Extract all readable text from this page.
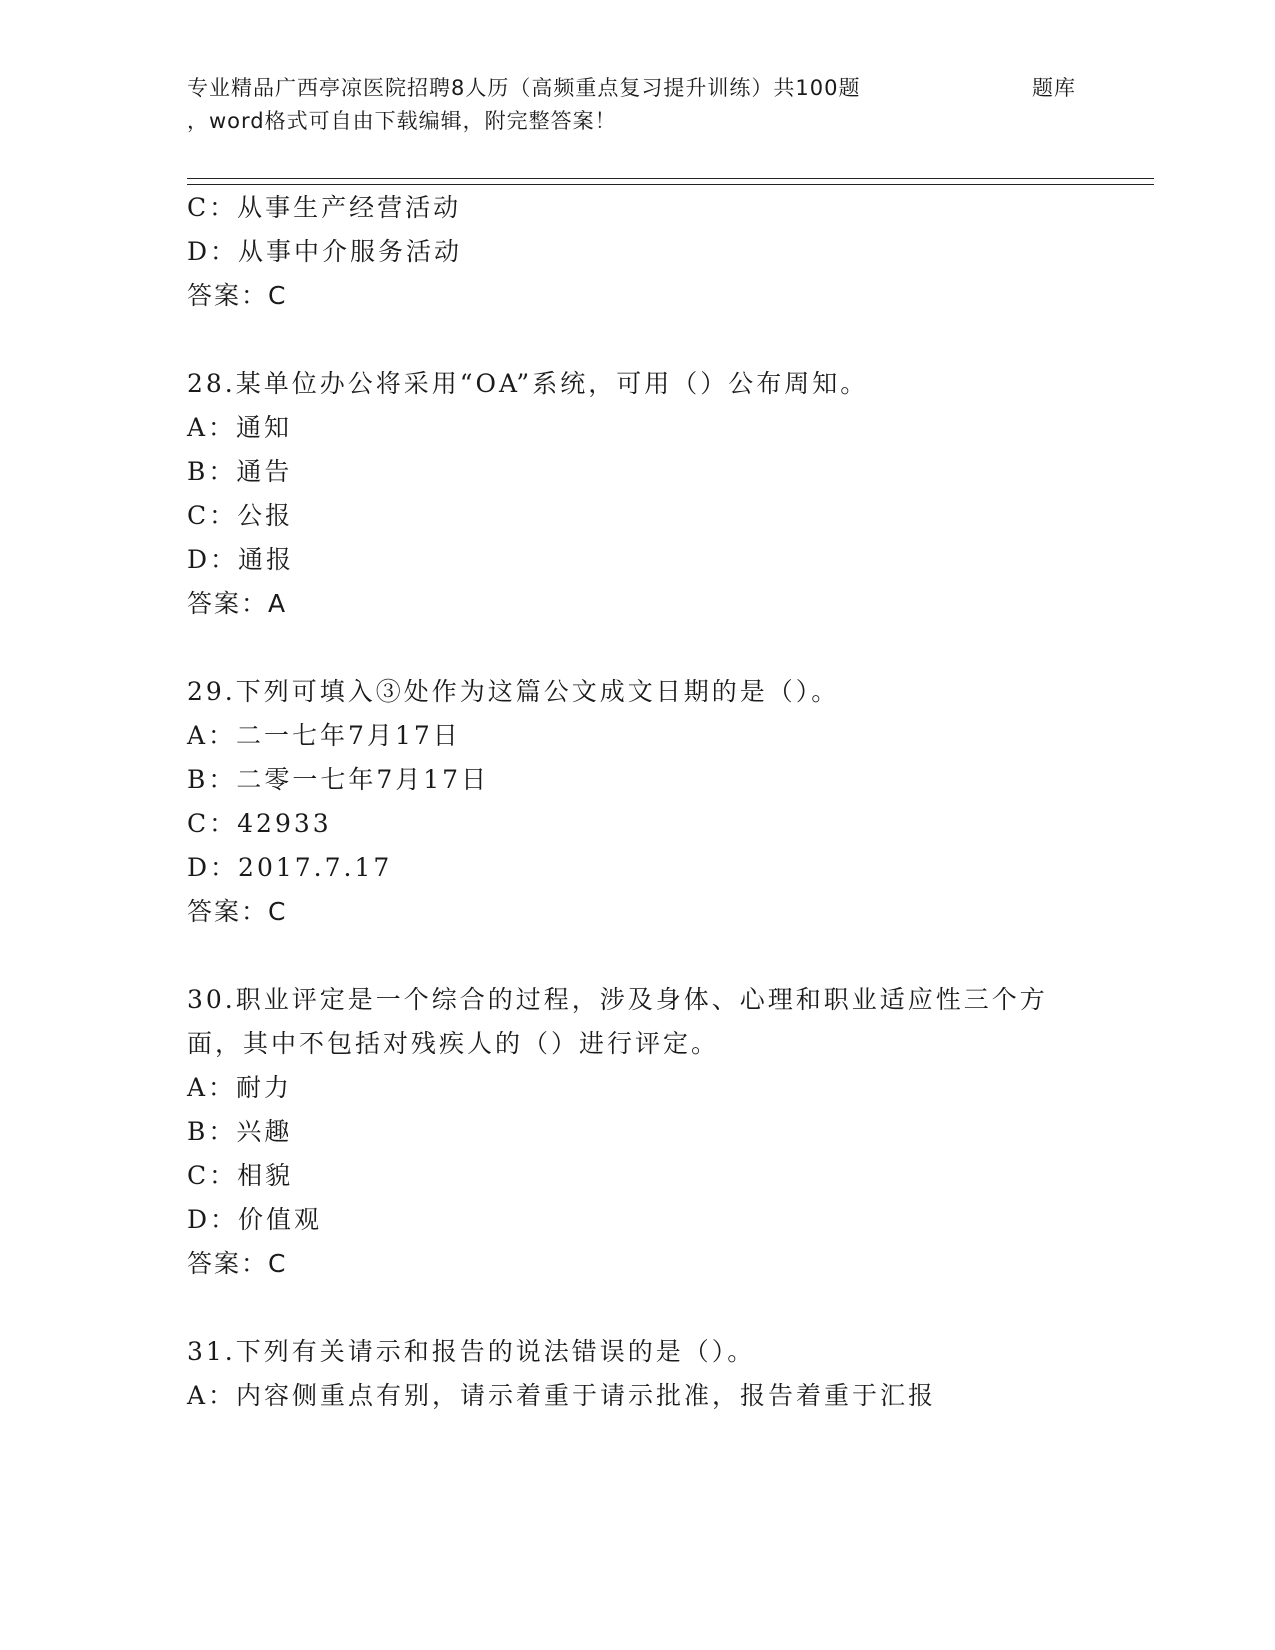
专业精品广西亭凉医院招聘8人历（高频重点复习提升训练）共100题	题库
，word格式可自由下载编辑，附完整答案！
C：从事生产经营活动
D：从事中介服务活动
答案：C
28.某单位办公将采用“OA”系统，可用（）公布周知。
A：通知
B：通告
C：公报
D：通报
答案：A
29.下列可填入③处作为这篇公文成文日期的是（）。
A：二一七年7月17日
B：二零一七年7月17日
C：42933
D：2017.7.17
答案：C
30.职业评定是一个综合的过程，涉及身体、心理和职业适应性三个方
面，其中不包括对残疾人的（）进行评定。
A：耐力
B：兴趣
C：相貌
D：价值观
答案：C
31.下列有关请示和报告的说法错误的是（）。
A：内容侧重点有别，请示着重于请示批准，报告着重于汇报
